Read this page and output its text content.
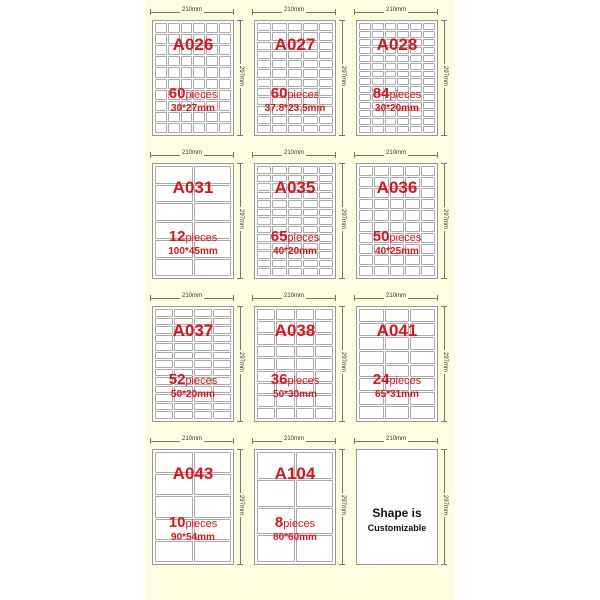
210mm
297mm
A026
60pieces
30*27mm
210mm
297mm
A027
60pieces
37.8*23.5mm
210mm
297mm
A028
84pieces
30*20mm
210mm
297mm
A031
12pieces
100*45mm
210mm
297mm
A035
65pieces
40*20mm
210mm
297mm
A036
50pieces
40*25mm
210mm
297mm
A037
52pieces
50*20mm
210mm
297mm
A038
36pieces
50*30mm
210mm
297mm
A041
24pieces
65*31mm
210mm
297mm
A043
10pieces
90*54mm
210mm
297mm
A104
8pieces
80*60mm
210mm
297mm
Shape is
Customizable
